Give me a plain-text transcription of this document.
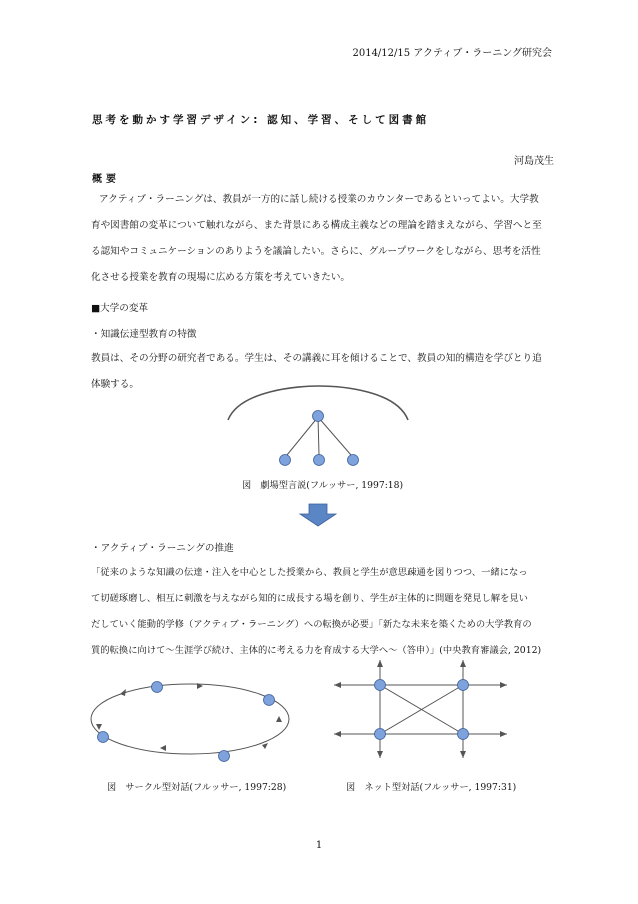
2014/12/15 アクティブ・ラーニング研究会
思考を動かす学習デザイン: 認知、学習、そして図書館
河島茂生
概要
アクティブ・ラーニングは、教員が一方的に話し続ける授業のカウンターであるといってよい。大学教
育や図書館の変革について触れながら、また背景にある構成主義などの理論を踏まえながら、学習へと至
る認知やコミュニケーションのありようを議論したい。さらに、グループワークをしながら、思考を活性
化させる授業を教育の現場に広める方策を考えていきたい。
■大学の変革
・知識伝達型教育の特徴
教員は、その分野の研究者である。学生は、その講義に耳を傾けることで、教員の知的構造を学びとり追
体験する。
図　劇場型言説(フルッサー, 1997:18)
・アクティブ・ラーニングの推進
「従来のような知識の伝達・注入を中心とした授業から、教員と学生が意思疎通を図りつつ、一緒になっ
て切磋琢磨し、相互に刺激を与えながら知的に成長する場を創り、学生が主体的に問題を発見し解を見い
だしていく能動的学修（アクティブ・ラーニング）への転換が必要」「新たな未来を築くための大学教育の
質的転換に向けて〜生涯学び続け、主体的に考える力を育成する大学へ〜（答申）」(中央教育審議会, 2012)
図　サークル型対話(フルッサー, 1997:28)	図　ネット型対話(フルッサー, 1997:31)
1
